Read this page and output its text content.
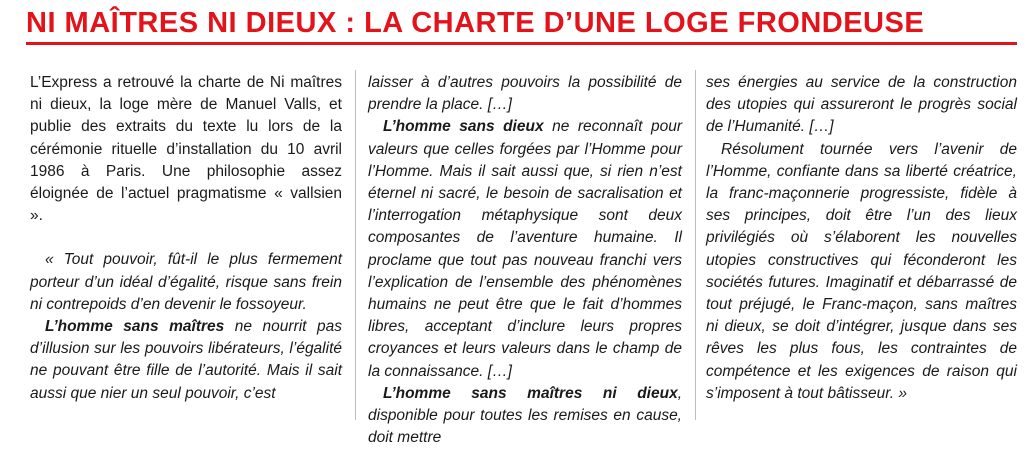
NI MAÎTRES NI DIEUX : LA CHARTE D’UNE LOGE FRONDEUSE

L’Express a retrouvé la charte de Ni maîtres ni dieux, la loge mère de Manuel Valls, et publie des extraits du texte lu lors de la cérémonie rituelle d’installation du 10 avril 1986 à Paris. Une philosophie assez éloignée de l’actuel pragmatisme « vallsien ».

« Tout pouvoir, fût-il le plus fermement porteur d’un idéal d’égalité, risque sans frein ni contrepoids d’en devenir le fossoyeur.

L’homme sans maîtres ne nourrit pas d’illusion sur les pouvoirs libérateurs, l’égalité ne pouvant être fille de l’autorité. Mais il sait aussi que nier un seul pouvoir, c’est

laisser à d’autres pouvoirs la possibilité de prendre la place. […]

L’homme sans dieux ne reconnaît pour valeurs que celles forgées par l’Homme pour l’Homme. Mais il sait aussi que, si rien n’est éternel ni sacré, le besoin de sacralisation et l’interrogation métaphysique sont deux composantes de l’aventure humaine. Il proclame que tout pas nouveau franchi vers l’explication de l’ensemble des phénomènes humains ne peut être que le fait d’hommes libres, acceptant d’inclure leurs propres croyances et leurs valeurs dans le champ de la connaissance. […]

L’homme sans maîtres ni dieux, disponible pour toutes les remises en cause, doit mettre

ses énergies au service de la construction des utopies qui assureront le progrès social de l’Humanité. […]

Résolument tournée vers l’avenir de l’Homme, confiante dans sa liberté créatrice, la franc-maçonnerie progressiste, fidèle à ses principes, doit être l’un des lieux privilégiés où s’élaborent les nouvelles utopies constructives qui féconderont les sociétés futures. Imaginatif et débarrassé de tout préjugé, le Franc-maçon, sans maîtres ni dieux, se doit d’intégrer, jusque dans ses rêves les plus fous, les contraintes de compétence et les exigences de raison qui s’imposent à tout bâtisseur. »
